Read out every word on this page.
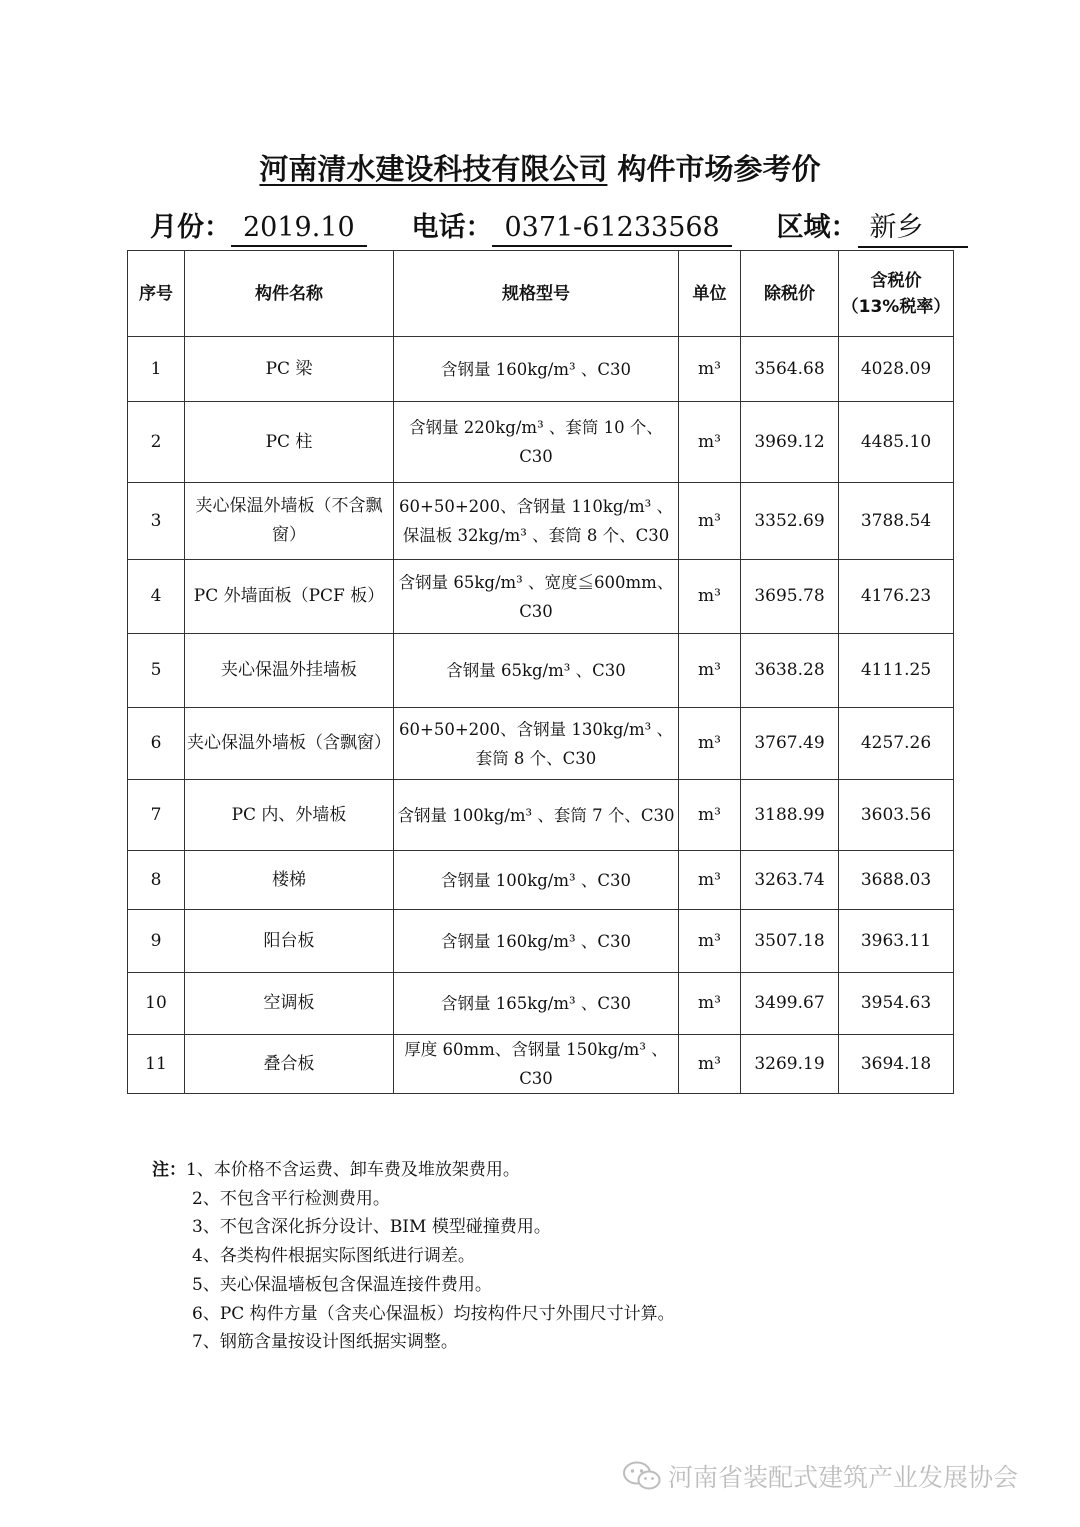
河南清水建设科技有限公司 构件市场参考价
月份： 2019.10 电话： 0371-61233568 区域： 新乡
序号	构件名称	规格型号	单位	除税价	含税价
（13%税率）

1	PC 梁	含钢量 160kg/m³ 、C30	m³	3564.68	4028.09
2	PC 柱	含钢量 220kg/m³ 、套筒 10 个、C30	m³	3969.12	4485.10
3	夹心保温外墙板（不含飘窗）	60+50+200、含钢量 110kg/m³ 、保温板 32kg/m³ 、套筒 8 个、C30	m³	3352.69	3788.54
4	PC 外墙面板（PCF 板）	含钢量 65kg/m³ 、宽度≦600mm、C30	m³	3695.78	4176.23
5	夹心保温外挂墙板	含钢量 65kg/m³ 、C30	m³	3638.28	4111.25
6	夹心保温外墙板（含飘窗）	60+50+200、含钢量 130kg/m³ 、套筒 8 个、C30	m³	3767.49	4257.26
7	PC 内、外墙板	含钢量 100kg/m³ 、套筒 7 个、C30	m³	3188.99	3603.56
8	楼梯	含钢量 100kg/m³ 、C30	m³	3263.74	3688.03
9	阳台板	含钢量 160kg/m³ 、C30	m³	3507.18	3963.11
10	空调板	含钢量 165kg/m³ 、C30	m³	3499.67	3954.63
11	叠合板	厚度 60mm、含钢量 150kg/m³ 、C30	m³	3269.19	3694.18
注：1、本价格不含运费、卸车费及堆放架费用。
2、不包含平行检测费用。
3、不包含深化拆分设计、BIM 模型碰撞费用。
4、各类构件根据实际图纸进行调差。
5、夹心保温墙板包含保温连接件费用。
6、PC 构件方量（含夹心保温板）均按构件尺寸外围尺寸计算。
7、钢筋含量按设计图纸据实调整。
河南省装配式建筑产业发展协会
